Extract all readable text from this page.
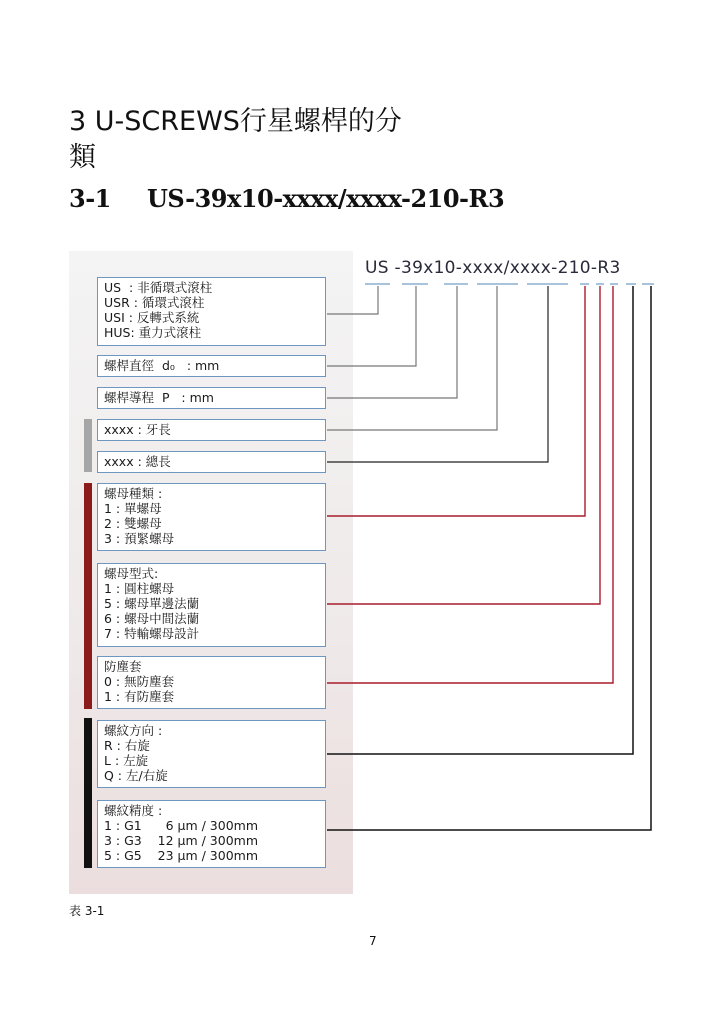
3 U-SCREWS行星螺桿的分
類
3-1 US-39x10-xxxx/xxxx-210-R3
US -39x10-xxxx/xxxx-210-R3
US  : 非循環式滾柱
USR : 循環式滾柱
USI : 反轉式系統
HUS: 重力式滾柱
螺桿直徑  d₀   : mm
螺桿導程  P   : mm
xxxx : 牙長
xxxx : 總長
螺母種類 :
1 : 單螺母
2 : 雙螺母
3 : 預緊螺母
螺母型式:
1 : 圓柱螺母
5 : 螺母單邊法蘭
6 : 螺母中間法蘭
7 : 特輸螺母設計
防塵套
0 : 無防塵套
1 : 有防塵套
螺紋方向 :
R : 右旋
L : 左旋
Q : 左/右旋
螺紋精度 :
1 : G1      6 μm / 300mm
3 : G3    12 μm / 300mm
5 : G5    23 μm / 300mm
表 3-1
7
